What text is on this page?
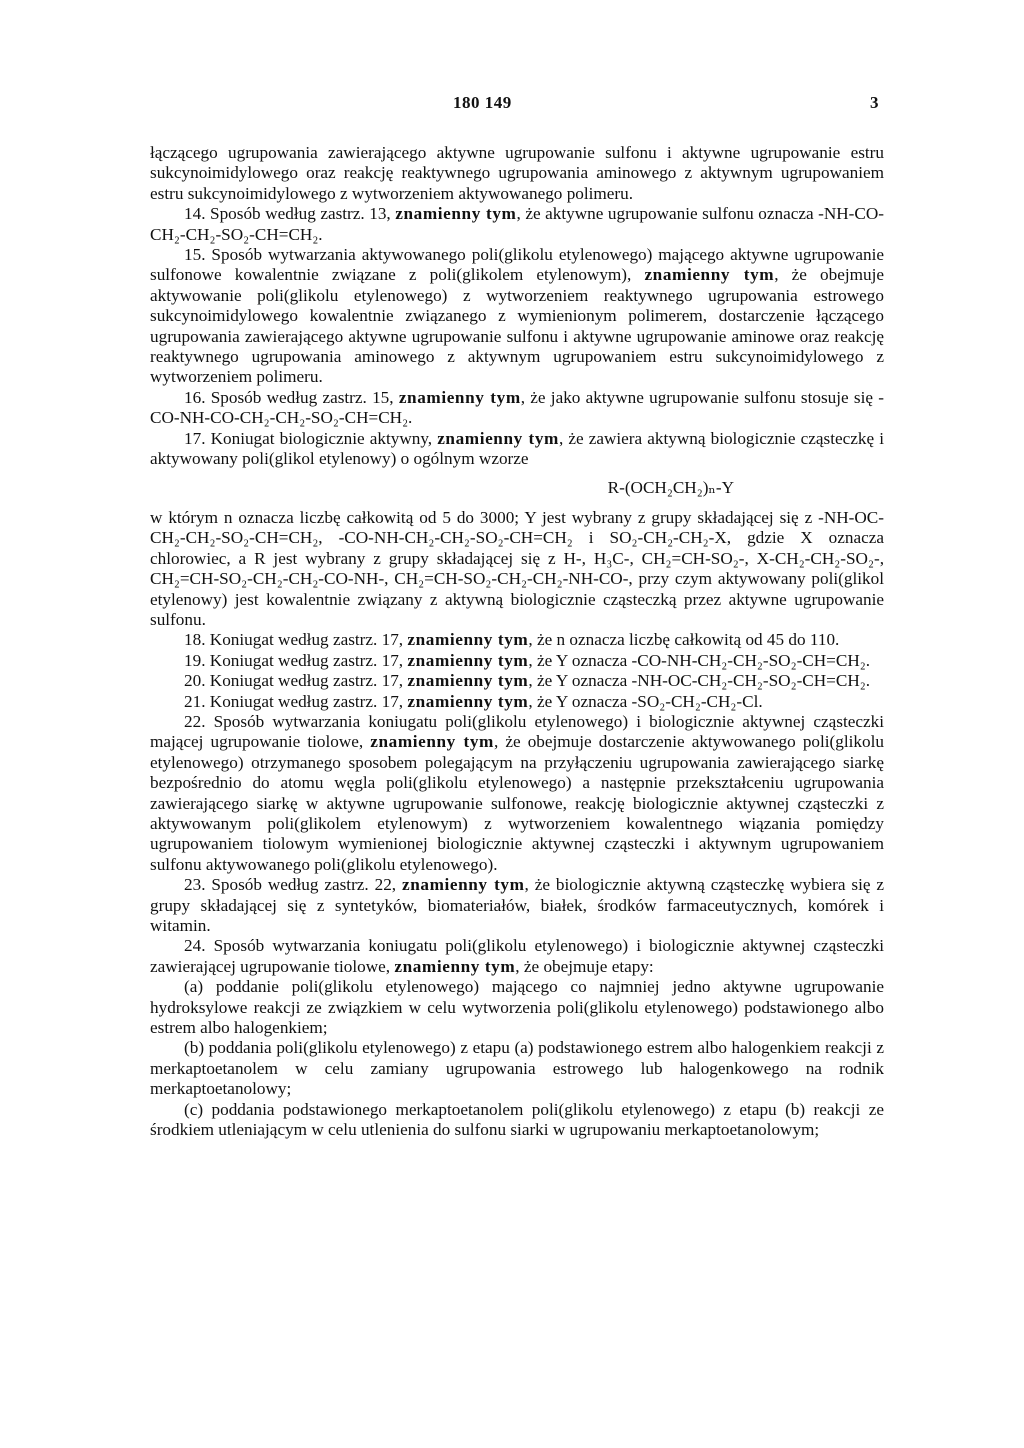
180 149	3

łączącego ugrupowania zawierającego aktywne ugrupowanie sulfonu i aktywne ugrupowanie estru sukcynoimidylowego oraz reakcję reaktywnego ugrupowania aminowego z aktywnym ugrupowaniem estru sukcynoimidylowego z wytworzeniem aktywowanego polimeru.

14. Sposób według zastrz. 13, znamienny tym, że aktywne ugrupowanie sulfonu oznacza -NH-CO-CH₂-CH₂-SO₂-CH=CH₂.

15. Sposób wytwarzania aktywowanego poli(glikolu etylenowego) mającego aktywne ugrupowanie sulfonowe kowalentnie związane z poli(glikolem etylenowym), znamienny tym, że obejmuje aktywowanie poli(glikolu etylenowego) z wytworzeniem reaktywnego ugrupowania estrowego sukcynoimidylowego kowalentnie związanego z wymienionym polimerem, dostarczenie łączącego ugrupowania zawierającego aktywne ugrupowanie sulfonu i aktywne ugrupowanie aminowe oraz reakcję reaktywnego ugrupowania aminowego z aktywnym ugrupowaniem estru sukcynoimidylowego z wytworzeniem polimeru.

16. Sposób według zastrz. 15, znamienny tym, że jako aktywne ugrupowanie sulfonu stosuje się -CO-NH-CO-CH₂-CH₂-SO₂-CH=CH₂.

17. Koniugat biologicznie aktywny, znamienny tym, że zawiera aktywną biologicznie cząsteczkę i aktywowany poli(glikol etylenowy) o ogólnym wzorze

R-(OCH₂CH₂)ₙ-Y

w którym n oznacza liczbę całkowitą od 5 do 3000; Y jest wybrany z grupy składającej się z -NH-OC-CH₂-CH₂-SO₂-CH=CH₂, -CO-NH-CH₂-CH₂-SO₂-CH=CH₂ i SO₂-CH₂-CH₂-X, gdzie X oznacza chlorowiec, a R jest wybrany z grupy składającej się z H-, H₃C-, CH₂=CH-SO₂-, X-CH₂-CH₂-SO₂-, CH₂=CH-SO₂-CH₂-CH₂-CO-NH-, CH₂=CH-SO₂-CH₂-CH₂-NH-CO-, przy czym aktywowany poli(glikol etylenowy) jest kowalentnie związany z aktywną biologicznie cząsteczką przez aktywne ugrupowanie sulfonu.

18. Koniugat według zastrz. 17, znamienny tym, że n oznacza liczbę całkowitą od 45 do 110.

19. Koniugat według zastrz. 17, znamienny tym, że Y oznacza -CO-NH-CH₂-CH₂-SO₂-CH=CH₂.

20. Koniugat według zastrz. 17, znamienny tym, że Y oznacza -NH-OC-CH₂-CH₂-SO₂-CH=CH₂.

21. Koniugat według zastrz. 17, znamienny tym, że Y oznacza -SO₂-CH₂-CH₂-Cl.

22. Sposób wytwarzania koniugatu poli(glikolu etylenowego) i biologicznie aktywnej cząsteczki mającej ugrupowanie tiolowe, znamienny tym, że obejmuje dostarczenie aktywowanego poli(glikolu etylenowego) otrzymanego sposobem polegającym na przyłączeniu ugrupowania zawierającego siarkę bezpośrednio do atomu węgla poli(glikolu etylenowego) a następnie przekształceniu ugrupowania zawierającego siarkę w aktywne ugrupowanie sulfonowe, reakcję biologicznie aktywnej cząsteczki z aktywowanym poli(glikolem etylenowym) z wytworzeniem kowalentnego wiązania pomiędzy ugrupowaniem tiolowym wymienionej biologicznie aktywnej cząsteczki i aktywnym ugrupowaniem sulfonu aktywowanego poli(glikolu etylenowego).

23. Sposób według zastrz. 22, znamienny tym, że biologicznie aktywną cząsteczkę wybiera się z grupy składającej się z syntetyków, biomateriałów, białek, środków farmaceutycznych, komórek i witamin.

24. Sposób wytwarzania koniugatu poli(glikolu etylenowego) i biologicznie aktywnej cząsteczki zawierającej ugrupowanie tiolowe, znamienny tym, że obejmuje etapy:

(a) poddanie poli(glikolu etylenowego) mającego co najmniej jedno aktywne ugrupowanie hydroksylowe reakcji ze związkiem w celu wytworzenia poli(glikolu etylenowego) podstawionego albo estrem albo halogenkiem;

(b) poddania poli(glikolu etylenowego) z etapu (a) podstawionego estrem albo halogenkiem reakcji z merkaptoetanolem w celu zamiany ugrupowania estrowego lub halogenkowego na rodnik merkaptoetanolowy;

(c) poddania podstawionego merkaptoetanolem poli(glikolu etylenowego) z etapu (b) reakcji ze środkiem utleniającym w celu utlenienia do sulfonu siarki w ugrupowaniu merkaptoetanolowym;
